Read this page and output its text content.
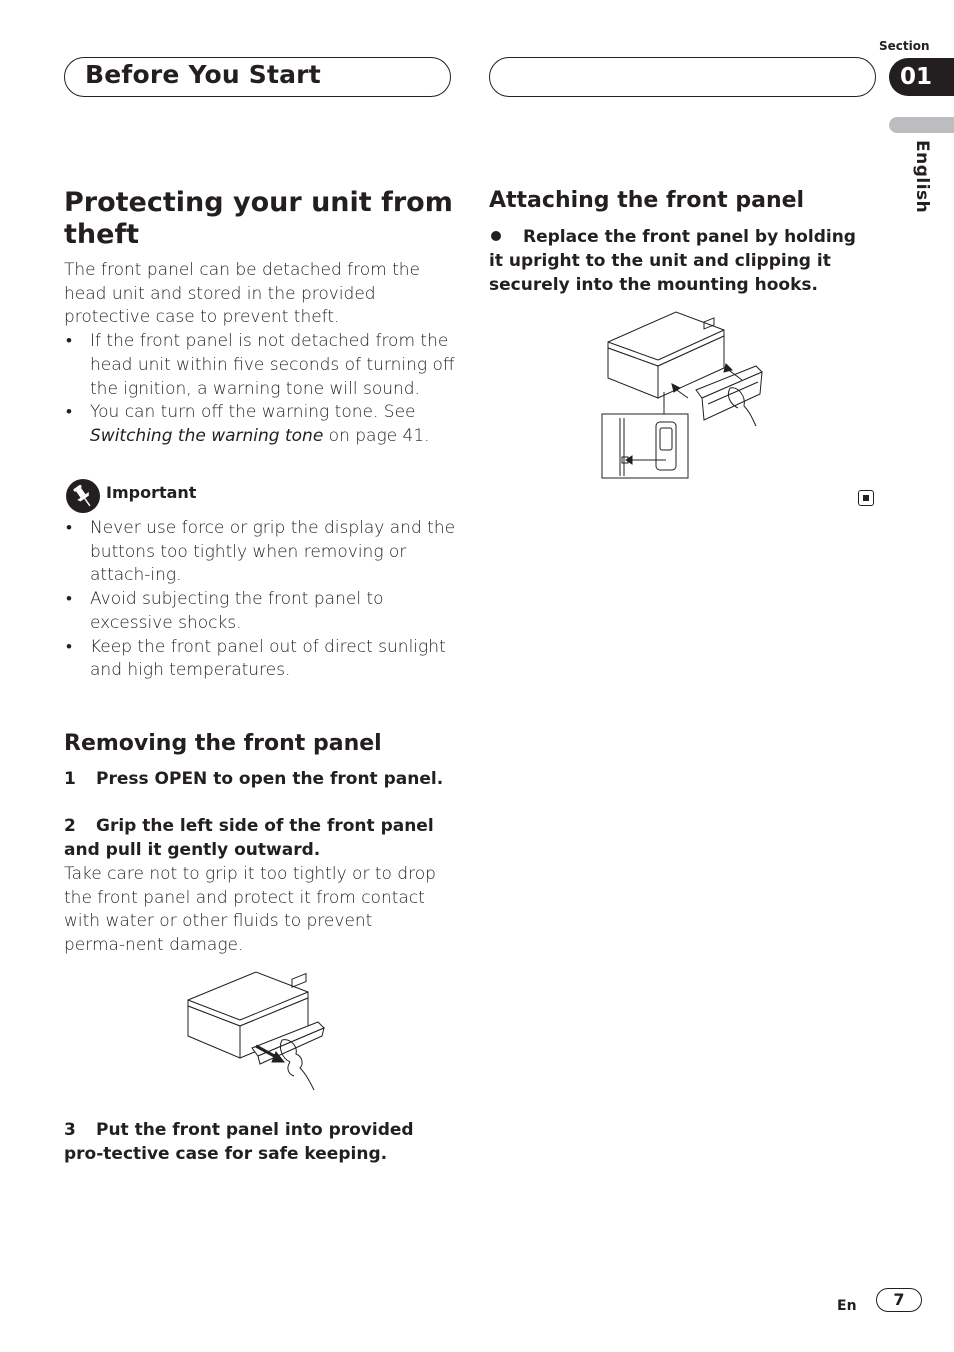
Before You Start
Section
01
English
Protecting your unit from theft
The front panel can be detached from the head unit and stored in the provided protective case to prevent theft.
• If the front panel is not detached from the head unit within five seconds of turning off the ignition, a warning tone will sound.
• You can turn off the warning tone. See Switching the warning tone on page 41.
Important
• Never use force or grip the display and the buttons too tightly when removing or attach-ing.
• Avoid subjecting the front panel to excessive shocks.
• Keep the front panel out of direct sunlight and high temperatures.
Removing the front panel
1 Press OPEN to open the front panel.
2 Grip the left side of the front panel and pull it gently outward.
Take care not to grip it too tightly or to drop the front panel and protect it from contact with water or other fluids to prevent perma-nent damage.
3 Put the front panel into provided pro-tective case for safe keeping.
Attaching the front panel
Replace the front panel by holding it upright to the unit and clipping it securely into the mounting hooks.
En	7
